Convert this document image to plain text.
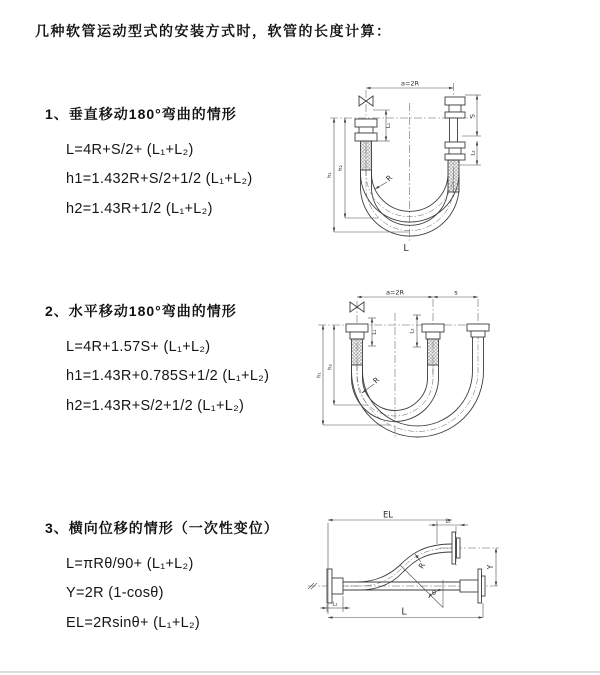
几种软管运动型式的安装方式时，软管的长度计算：
1、垂直移动180°弯曲的情形
L=4R+S/2+ (L₁+L₂)
h1=1.432R+S/2+1/2 (L₁+L₂)
h2=1.43R+1/2 (L₁+L₂)
2、水平移动180°弯曲的情形
L=4R+1.57S+ (L₁+L₂)
h1=1.43R+0.785S+1/2 (L₁+L₂)
h2=1.43R+S/2+1/2 (L₁+L₂)
3、横向位移的情形（一次性变位）
L=πRθ/90+ (L₁+L₂)
Y=2R (1-cosθ)
EL=2Rsinθ+ (L₁+L₂)
a=2R
S
L₂
L₁
h₁
h₂
R
L
a=2R	s
L₁	L₂
h₁
h₂
R
θ
EL
L₂
L
L₁
Y
R
